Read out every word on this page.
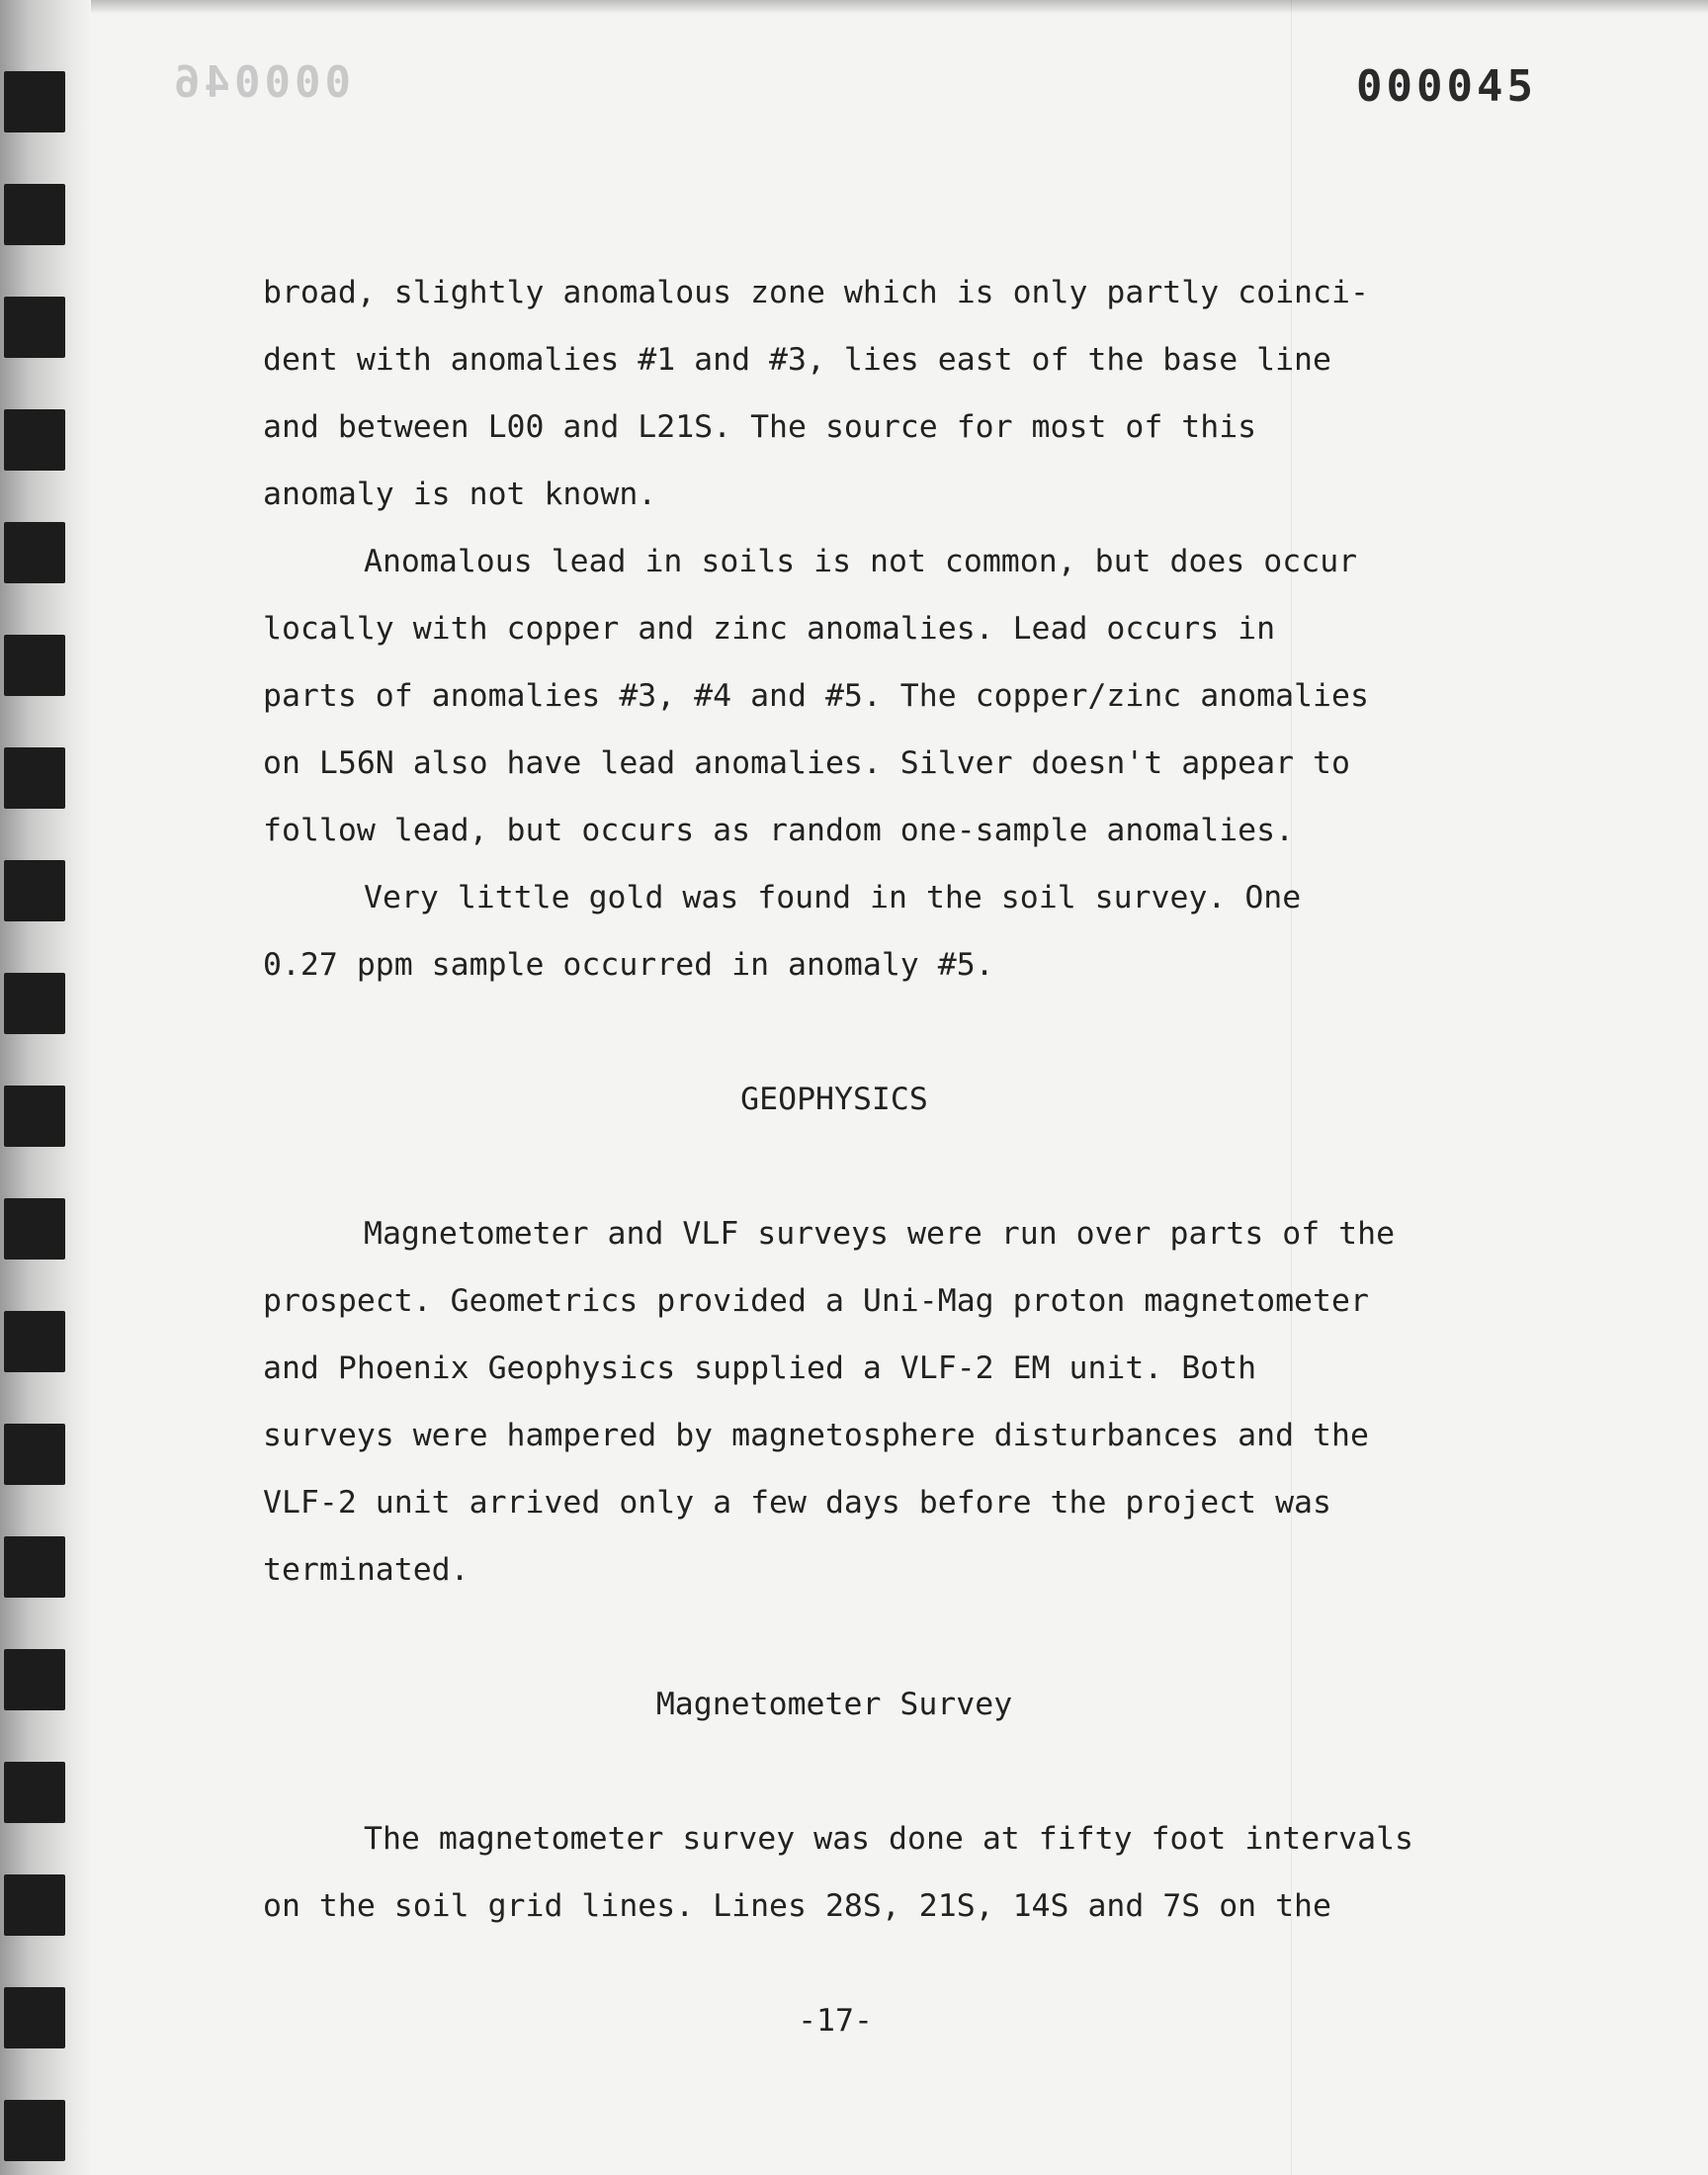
000046	000045
broad, slightly anomalous zone which is only partly coinci-
dent with anomalies #1 and #3, lies east of the base line
and between L00 and L21S. The source for most of this
anomaly is not known.
Anomalous lead in soils is not common, but does occur
locally with copper and zinc anomalies. Lead occurs in
parts of anomalies #3, #4 and #5. The copper/zinc anomalies
on L56N also have lead anomalies. Silver doesn't appear to
follow lead, but occurs as random one-sample anomalies.
Very little gold was found in the soil survey. One
0.27 ppm sample occurred in anomaly #5.
GEOPHYSICS
Magnetometer and VLF surveys were run over parts of the
prospect. Geometrics provided a Uni-Mag proton magnetometer
and Phoenix Geophysics supplied a VLF-2 EM unit. Both
surveys were hampered by magnetosphere disturbances and the
VLF-2 unit arrived only a few days before the project was
terminated.
Magnetometer Survey
The magnetometer survey was done at fifty foot intervals
on the soil grid lines. Lines 28S, 21S, 14S and 7S on the
-17-
